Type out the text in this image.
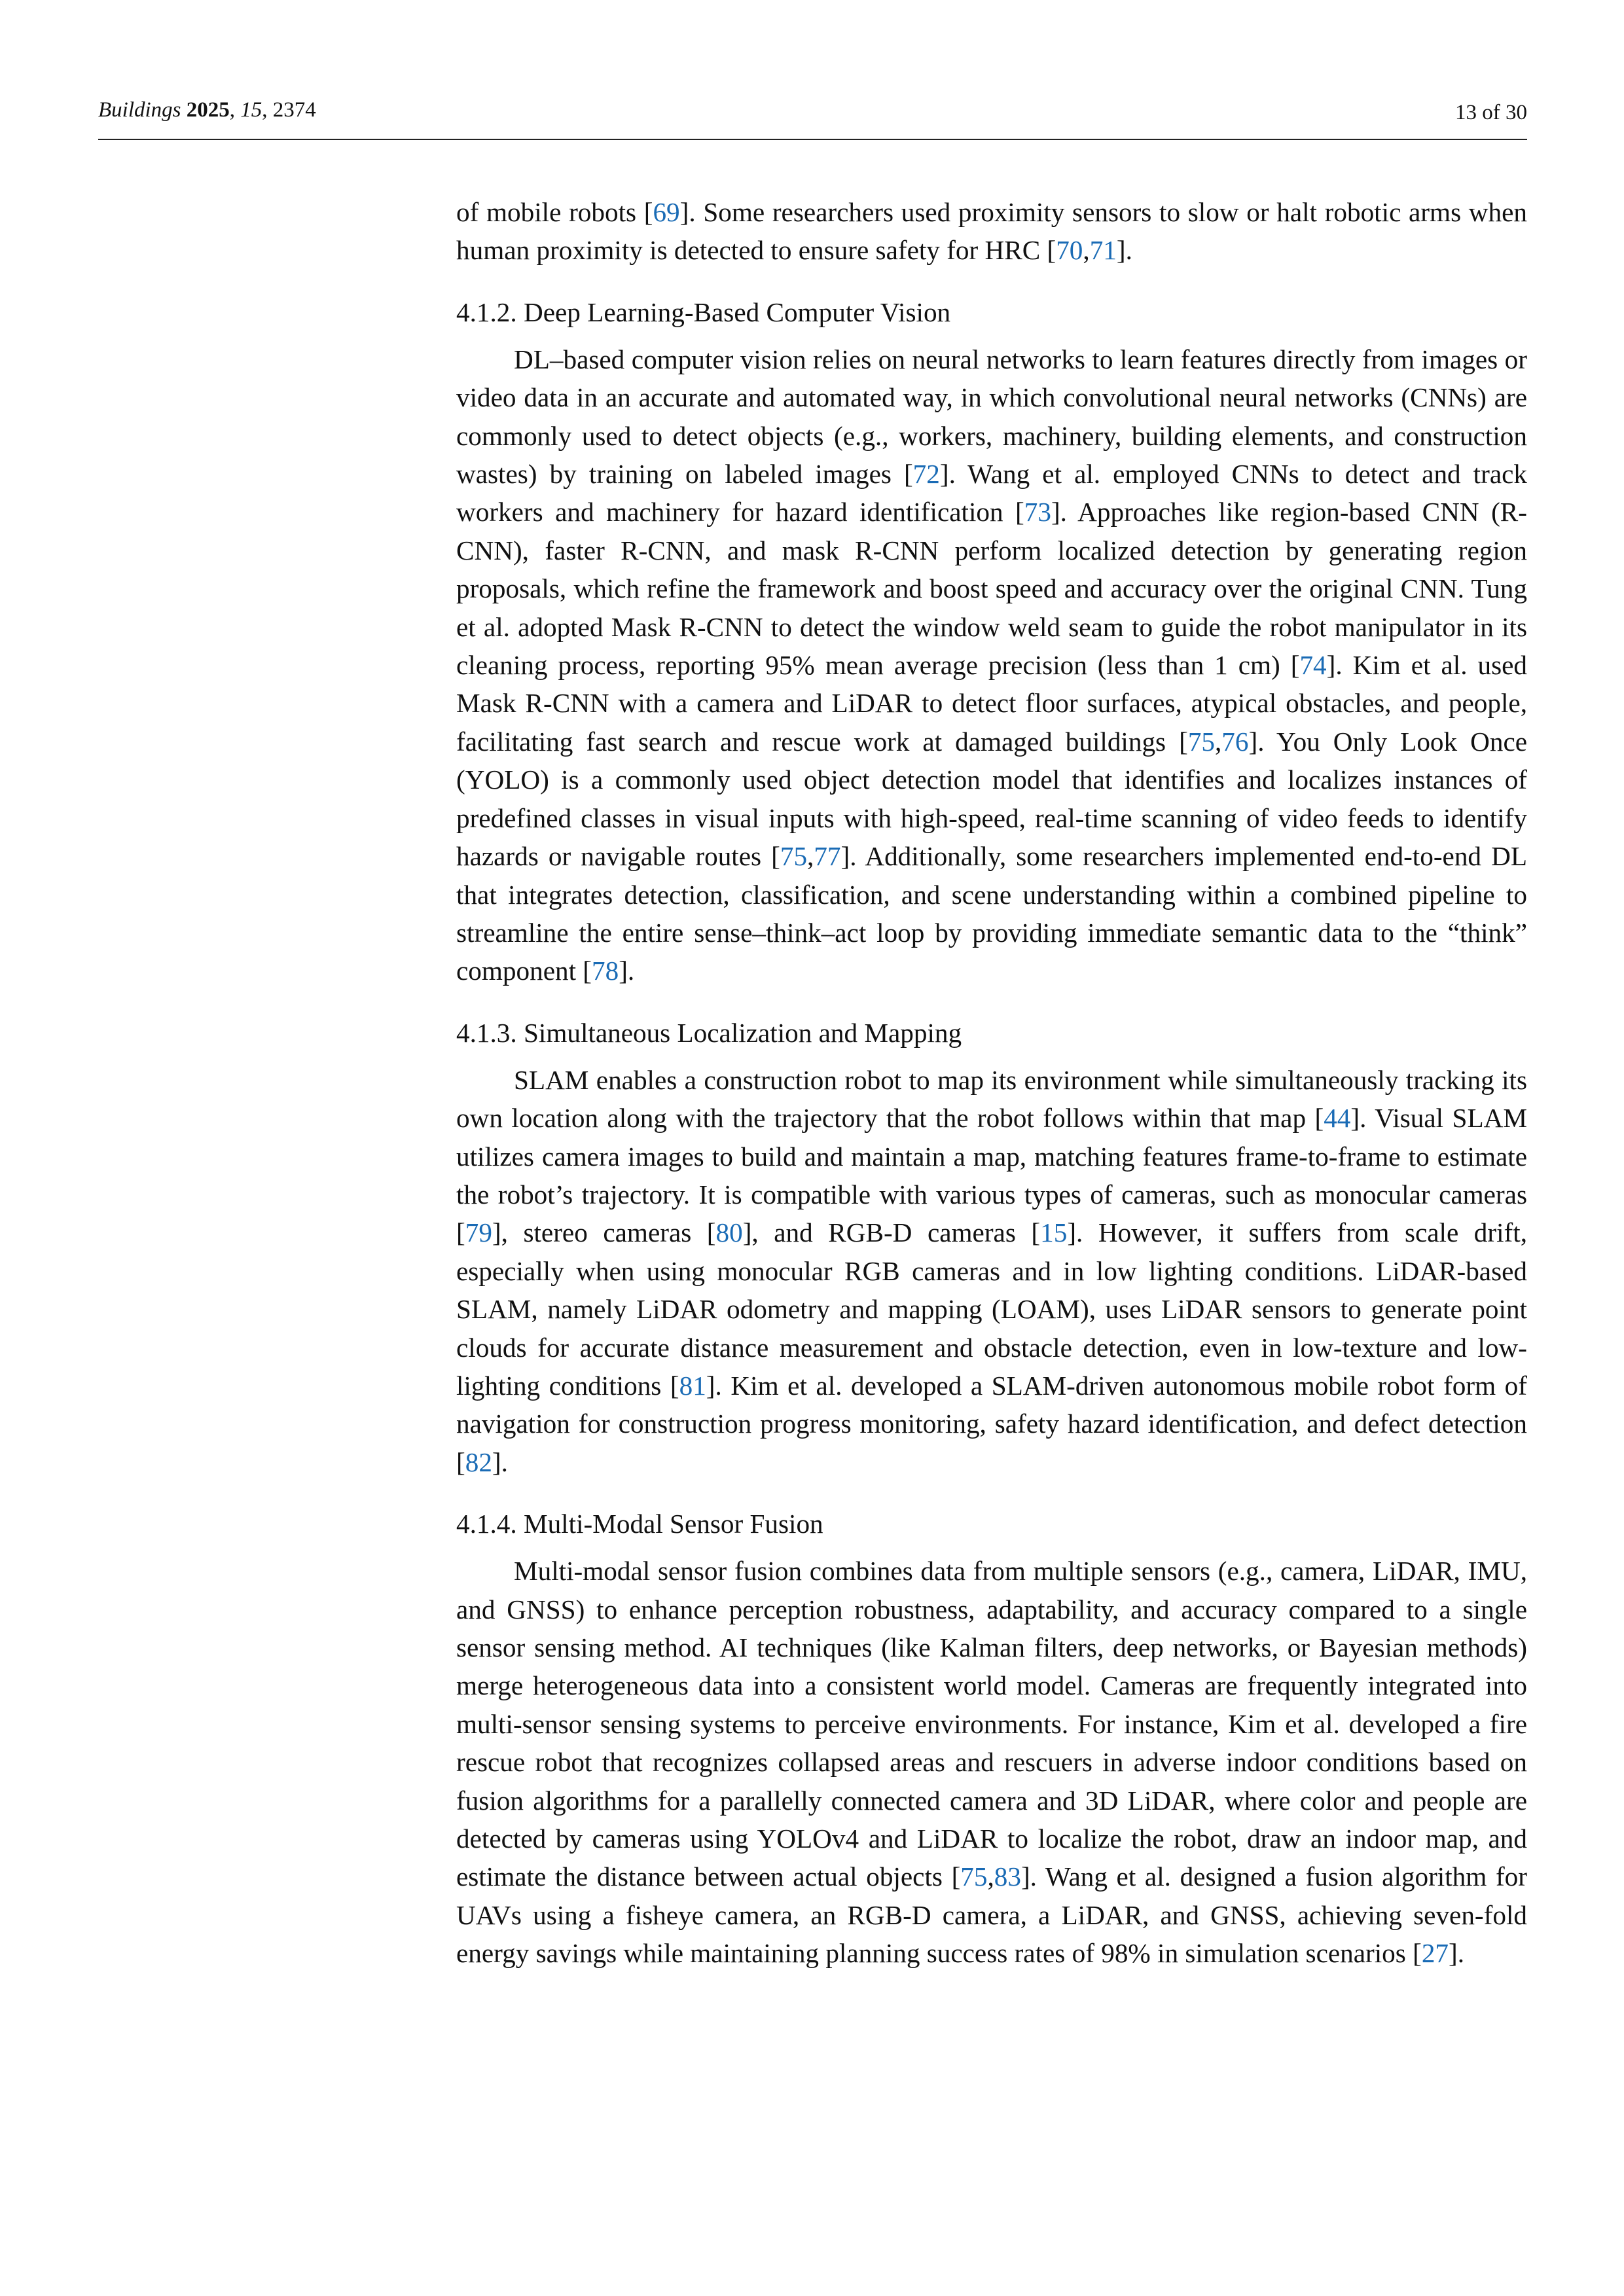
Buildings 2025, 15, 2374	13 of 30

of mobile robots [69]. Some researchers used proximity sensors to slow or halt robotic arms when human proximity is detected to ensure safety for HRC [70,71].

4.1.2. Deep Learning-Based Computer Vision

DL–based computer vision relies on neural networks to learn features directly from images or video data in an accurate and automated way, in which convolutional neural networks (CNNs) are commonly used to detect objects (e.g., workers, machinery, building elements, and construction wastes) by training on labeled images [72]. Wang et al. employed CNNs to detect and track workers and machinery for hazard identification [73]. Approaches like region-based CNN (R-CNN), faster R-CNN, and mask R-CNN perform localized detection by generating region proposals, which refine the framework and boost speed and accuracy over the original CNN. Tung et al. adopted Mask R-CNN to detect the window weld seam to guide the robot manipulator in its cleaning process, reporting 95% mean average precision (less than 1 cm) [74]. Kim et al. used Mask R-CNN with a camera and LiDAR to detect floor surfaces, atypical obstacles, and people, facilitating fast search and rescue work at damaged buildings [75,76]. You Only Look Once (YOLO) is a commonly used object detection model that identifies and localizes instances of predefined classes in visual inputs with high-speed, real-time scanning of video feeds to identify hazards or navigable routes [75,77]. Additionally, some researchers implemented end-to-end DL that integrates detection, classification, and scene understanding within a combined pipeline to streamline the entire sense–think–act loop by providing immediate semantic data to the “think” component [78].

4.1.3. Simultaneous Localization and Mapping

SLAM enables a construction robot to map its environment while simultaneously tracking its own location along with the trajectory that the robot follows within that map [44]. Visual SLAM utilizes camera images to build and maintain a map, matching features frame-to-frame to estimate the robot’s trajectory. It is compatible with various types of cameras, such as monocular cameras [79], stereo cameras [80], and RGB-D cameras [15]. However, it suffers from scale drift, especially when using monocular RGB cameras and in low lighting conditions. LiDAR-based SLAM, namely LiDAR odometry and mapping (LOAM), uses LiDAR sensors to generate point clouds for accurate distance measurement and obstacle detection, even in low-texture and low-lighting conditions [81]. Kim et al. developed a SLAM-driven autonomous mobile robot form of navigation for construction progress monitoring, safety hazard identification, and defect detection [82].

4.1.4. Multi-Modal Sensor Fusion

Multi-modal sensor fusion combines data from multiple sensors (e.g., camera, LiDAR, IMU, and GNSS) to enhance perception robustness, adaptability, and accuracy compared to a single sensor sensing method. AI techniques (like Kalman filters, deep networks, or Bayesian methods) merge heterogeneous data into a consistent world model. Cameras are frequently integrated into multi-sensor sensing systems to perceive environments. For instance, Kim et al. developed a fire rescue robot that recognizes collapsed areas and rescuers in adverse indoor conditions based on fusion algorithms for a parallelly connected camera and 3D LiDAR, where color and people are detected by cameras using YOLOv4 and LiDAR to localize the robot, draw an indoor map, and estimate the distance between actual objects [75,83]. Wang et al. designed a fusion algorithm for UAVs using a fisheye camera, an RGB-D camera, a LiDAR, and GNSS, achieving seven-fold energy savings while maintaining planning success rates of 98% in simulation scenarios [27].
